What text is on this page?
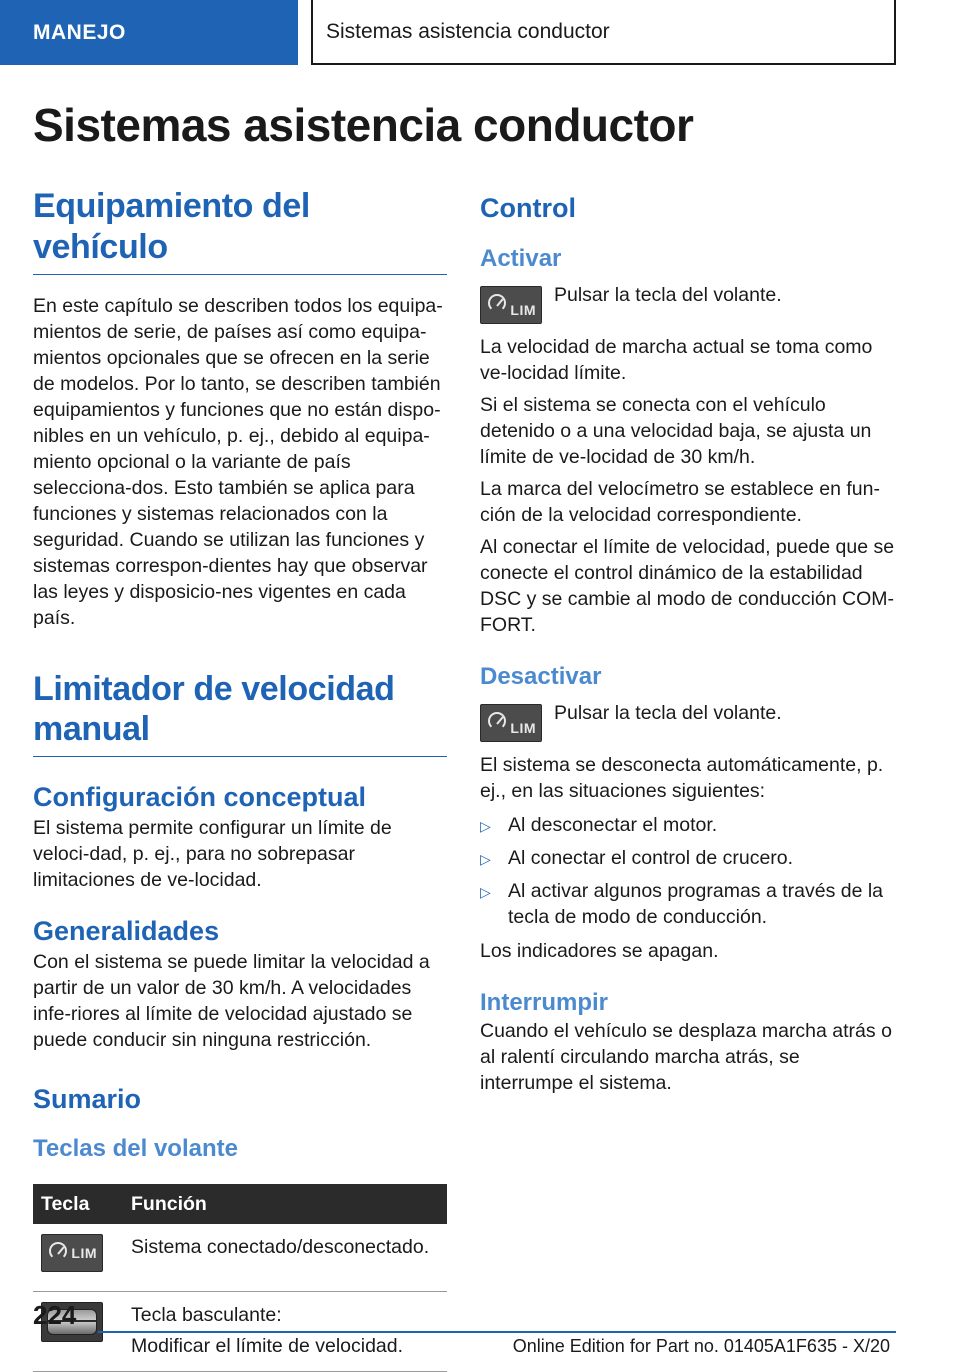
MANEJO	Sistemas asistencia conductor
Sistemas asistencia conductor
Equipamiento del vehículo

En este capítulo se describen todos los equipa-mientos de serie, de países así como equipa-mientos opcionales que se ofrecen en la serie de modelos. Por lo tanto, se describen también equipamientos y funciones que no están dispo-nibles en un vehículo, p. ej., debido al equipa-miento opcional o la variante de país selecciona-dos. Esto también se aplica para funciones y sistemas relacionados con la seguridad. Cuando se utilizan las funciones y sistemas correspon-dientes hay que observar las leyes y disposicio-nes vigentes en cada país.

Limitador de velocidad manual
Configuración conceptual

El sistema permite configurar un límite de veloci-dad, p. ej., para no sobrepasar limitaciones de ve-locidad.

Generalidades

Con el sistema se puede limitar la velocidad a partir de un valor de 30 km/h. A velocidades infe-riores al límite de velocidad ajustado se puede conducir sin ninguna restricción.

Sumario
Teclas del volante
Tecla	Función

LIM	Sistema conectado/desconectado.

	Tecla basculante:
Modificar el límite de velocidad.
Control
Activar
LIM

Pulsar la tecla del volante.

La velocidad de marcha actual se toma como ve-locidad límite.

Si el sistema se conecta con el vehículo detenido o a una velocidad baja, se ajusta un límite de ve-locidad de 30 km/h.

La marca del velocímetro se establece en fun-ción de la velocidad correspondiente.

Al conectar el límite de velocidad, puede que se conecte el control dinámico de la estabilidad DSC y se cambie al modo de conducción COM-FORT.

Desactivar
LIM

Pulsar la tecla del volante.

El sistema se desconecta automáticamente, p. ej., en las situaciones siguientes:

▷ Al desconectar el motor.
▷ Al conectar el control de crucero.
▷ Al activar algunos programas a través de la tecla de modo de conducción.

Los indicadores se apagan.

Interrumpir

Cuando el vehículo se desplaza marcha atrás o al ralentí circulando marcha atrás, se interrumpe el sistema.

224
Online Edition for Part no. 01405A1F635 - X/20
